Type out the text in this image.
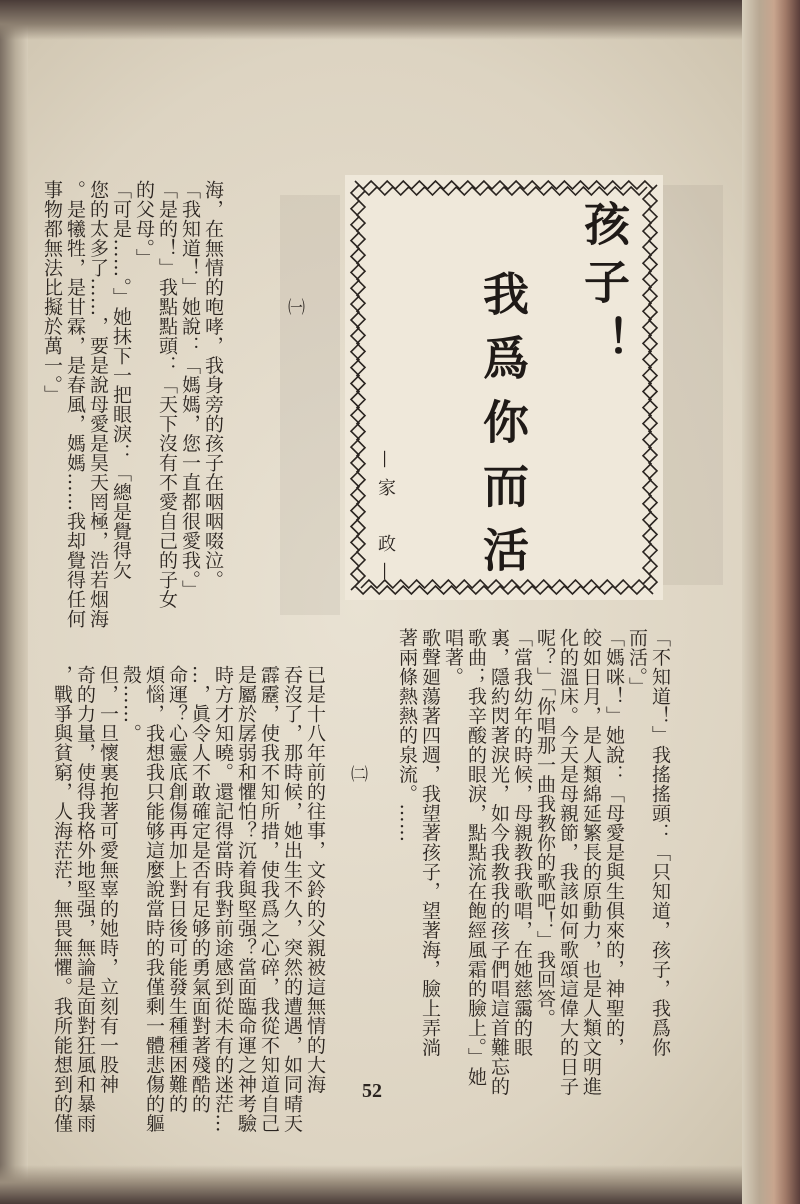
孩子！
我爲你而活
—家　政—
㈠
㈡
海，在無情的咆哮，我身旁的孩子在咽咽啜泣。
「我知道！」她說：「媽媽，您一直都很愛我。」
「是的！」我點點頭：「天下沒有不愛自己的子女
的父母。」
「可是……。」她抹下一把眼淚：「總是覺得欠
您的太多了……，要是說母愛是昊天罔極，浩若烟海
。是犧牲，是甘霖，是春風，媽媽……我却覺得任何
事物都無法比擬於萬一。」
「不知道！」我搖搖頭：「只知道，孩子，我爲你
而活。」
「媽咪！」她說：「母愛是與生俱來的，神聖的，
皎如日月，是人類綿延繁長的原動力，也是人類文明進
化的溫床。今天是母親節，我該如何歌頌這偉大的日子
呢？」「你唱那一曲我教你的歌吧！」我回答。
「當我幼年的時候，母親教我歌唱，在她慈靄的眼
裏，隱約閃著淚光，如今我教我的孩子們唱這首難忘的
歌曲；我辛酸的眼淚，點點流在飽經風霜的臉上。」她
唱著。
歌聲廻蕩著四週，我望著孩子，望著海，臉上弄淌
著兩條熱熱的泉流。……
已是十八年前的往事，文鈴的父親被這無情的大海
吞沒了，那時候，她出生不久，突然的遭遇，如同晴天
霹靂，使我不知所措，使我爲之心碎，我從不知道自己
是屬於孱弱和懼怕？沉着與堅强？當面臨命運之神考驗
時方才知曉。還記得當時我對前途感到從未有的迷茫…
…，眞令人不敢確定是否有足够的勇氣面對著殘酷的
命運？心靈底創傷再加上對日後可能發生種種困難的
煩惱，我想我只能够這麼說當時的我僅剩一體悲傷的軀
殼……。
但，一旦懷裏抱著可愛無辜的她時，立刻有一股神
奇的力量，使得我格外地堅强，無論是面對狂風和暴雨
，戰爭與貧窮，人海茫茫，無畏無懼。我所能想到的僅	52
